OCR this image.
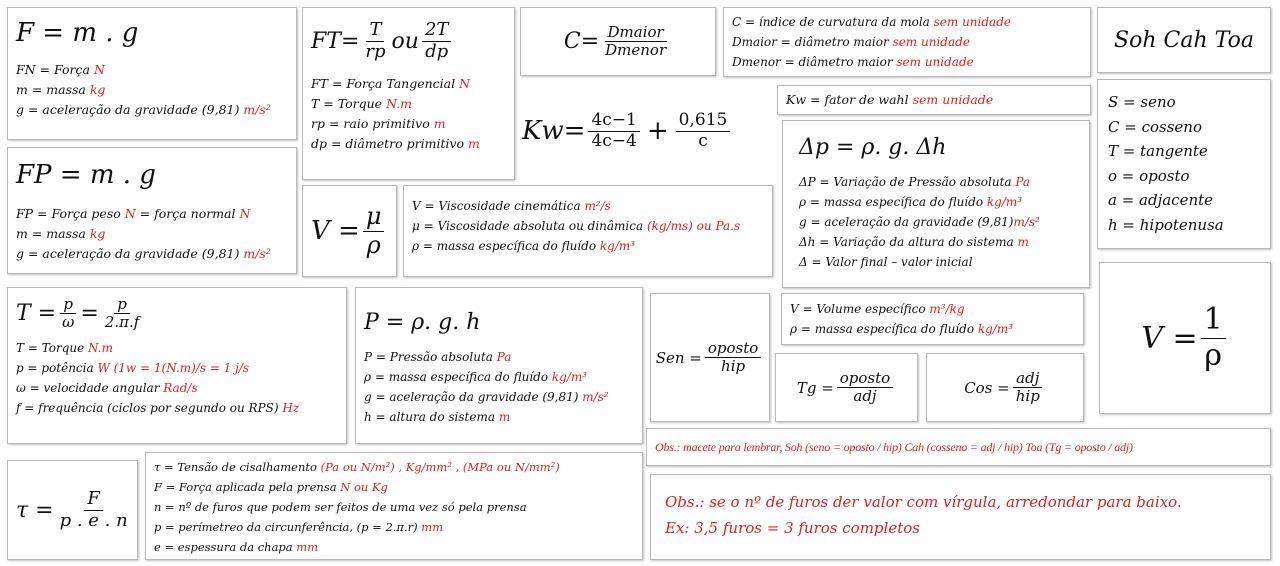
F = m . g
FN = Força N
m = massa kg
g = aceleração da gravidade (9,81) m/s²
$FT= \frac{T}{rp}$ ou $\frac{2T}{dp}$
FT = Força Tangencial N
T = Torque N.m
rp = raio primitivo m
dp = diâmetro primitivo m
$C= \frac{\text{Dmaior}}{\text{Dmenor}}$
C = índice de curvatura da mola sem unidade
Dmaior = diâmetro maior sem unidade
Dmenor = diâmetro maior sem unidade
Soh Cah Toa
$Kw= \frac{4c-1}{4c-4} + \frac{0,615}{c}$
Kw = fator de wahl sem unidade	S = seno
C = cosseno
T = tangente
o = oposto
a = adjacente
h = hipotenusa
FP = m . g
FP = Força peso N = força normal N
m = massa kg
g = aceleração da gravidade (9,81) m/s²
$V = \frac{\mu}{\rho}$ V = Viscosidade cinemática m²/s
μ = Viscosidade absoluta ou dinâmica (kg/ms) ou Pa.s
ρ = massa específica do fluído kg/m³
Δp = ρ. g. Δh
ΔP = Variação de Pressão absoluta Pa
ρ = massa específica do fluído kg/m³
g = aceleração da gravidade (9,81)m/s²
Δh = Variação da altura do sistema m
Δ = Valor final – valor inicial
$T = \frac{p}{\omega} = \frac{p}{2.\pi.f}$
T = Torque N.m
p = potência W (1w = 1(N.m)/s = 1 j/s
ω = velocidade angular Rad/s
f = frequência (ciclos por segundo ou RPS) Hz
P = ρ. g. h
P = Pressão absoluta Pa
ρ = massa específica do fluído kg/m³
g = aceleração da gravidade (9,81) m/s²
h = altura do sistema m
Sen = $\frac{\text{oposto}}{\text{hip}}$
V = Volume específico m³/kg
ρ = massa específica do fluído kg/m³	$V = \frac{1}{\rho}$
$Tg = \frac{\text{oposto}}{\text{adj}}$	Cos = $\frac{\text{adj}}{\text{hip}}$
Obs.: macete para lembrar, Soh (seno = oposto / hip) Cah (cosseno = adj / hip) Toa (Tg = oposto / adj)
$\tau = \frac{F}{p . e . n}$
τ = Tensão de cisalhamento (Pa ou N/m²) , Kg/mm² , (MPa ou N/mm²)
F = Força aplicada pela prensa N ou Kg
n = nº de furos que podem ser feitos de uma vez só pela prensa
p = perímetreo da circunferência, (p = 2.π.r) mm
e = espessura da chapa mm
Obs.: se o nº de furos der valor com vírgula, arredondar para baixo.
Ex: 3,5 furos = 3 furos completos
